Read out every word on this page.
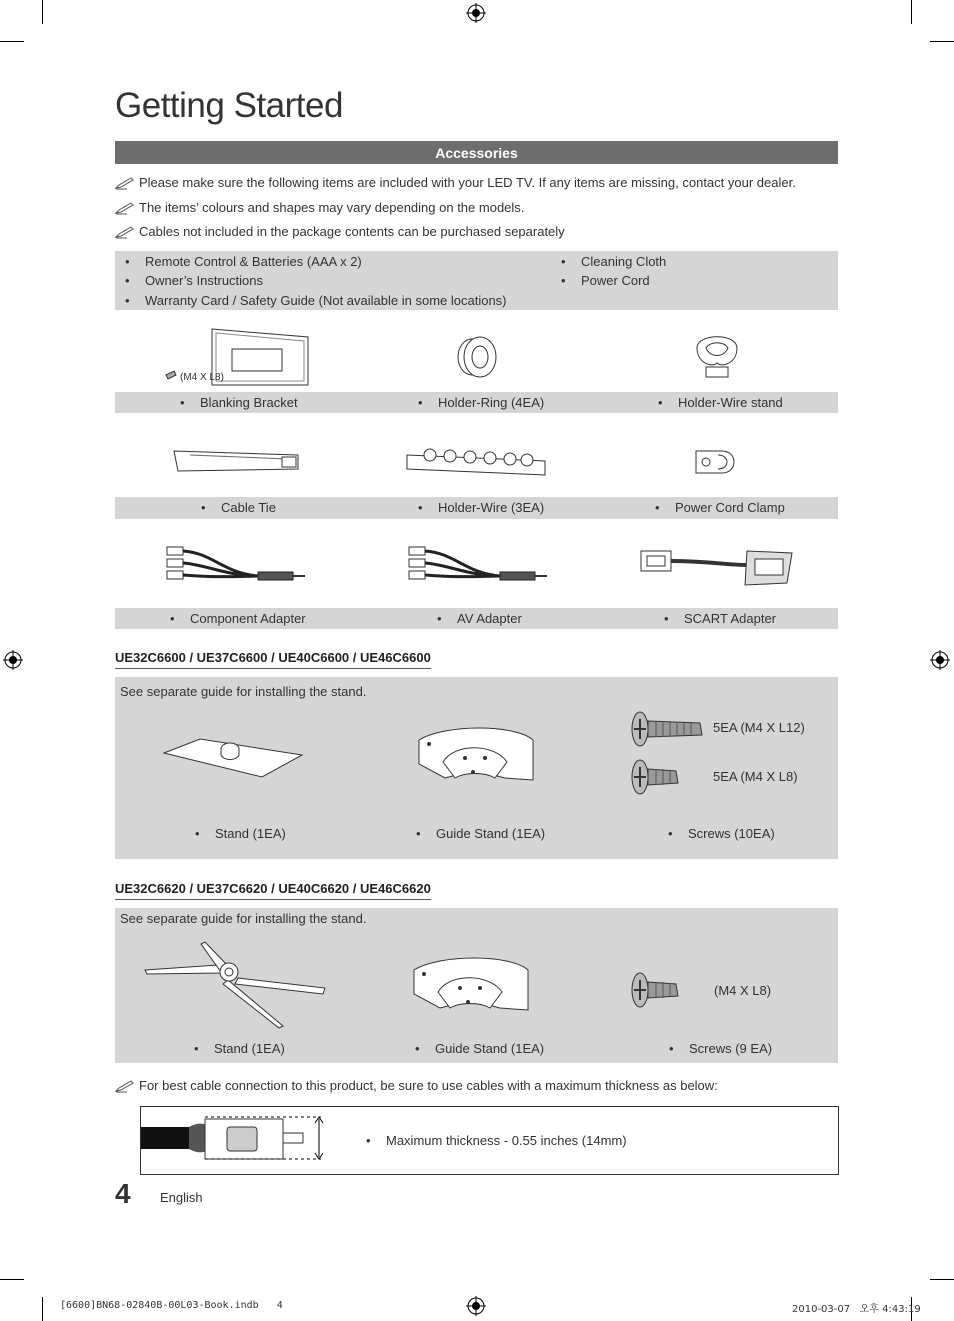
Getting Started
Accessories
Please make sure the following items are included with your LED TV. If any items are missing, contact your dealer.
The items’ colours and shapes may vary depending on the models.
Cables not included in the package contents can be purchased separately
• Remote Control & Batteries (AAA x 2)
• Owner’s Instructions
• Warranty Card / Safety Guide (Not available in some locations)
• Cleaning Cloth
• Power Cord
(M4 X L8)
• Blanking Bracket	• Holder-Ring (4EA)	• Holder-Wire stand
• Cable Tie	• Holder-Wire (3EA)	• Power Cord Clamp
• Component Adapter	• AV Adapter	• SCART Adapter
UE32C6600 / UE37C6600 / UE40C6600 / UE46C6600
See separate guide for installing the stand.
5EA (M4 X L12)
5EA (M4 X L8)
• Stand (1EA)	• Guide Stand (1EA)	• Screws (10EA)
UE32C6620 / UE37C6620 / UE40C6620 / UE46C6620
See separate guide for installing the stand.
(M4 X L8)
• Stand (1EA)	• Guide Stand (1EA)	• Screws (9 EA)
For best cable connection to this product, be sure to use cables with a maximum thickness as below:
• Maximum thickness - 0.55 inches (14mm)
4 English
[6600]BN68-02840B-00L03-Book.indb   4	2010-03-07   오후 4:43:19
